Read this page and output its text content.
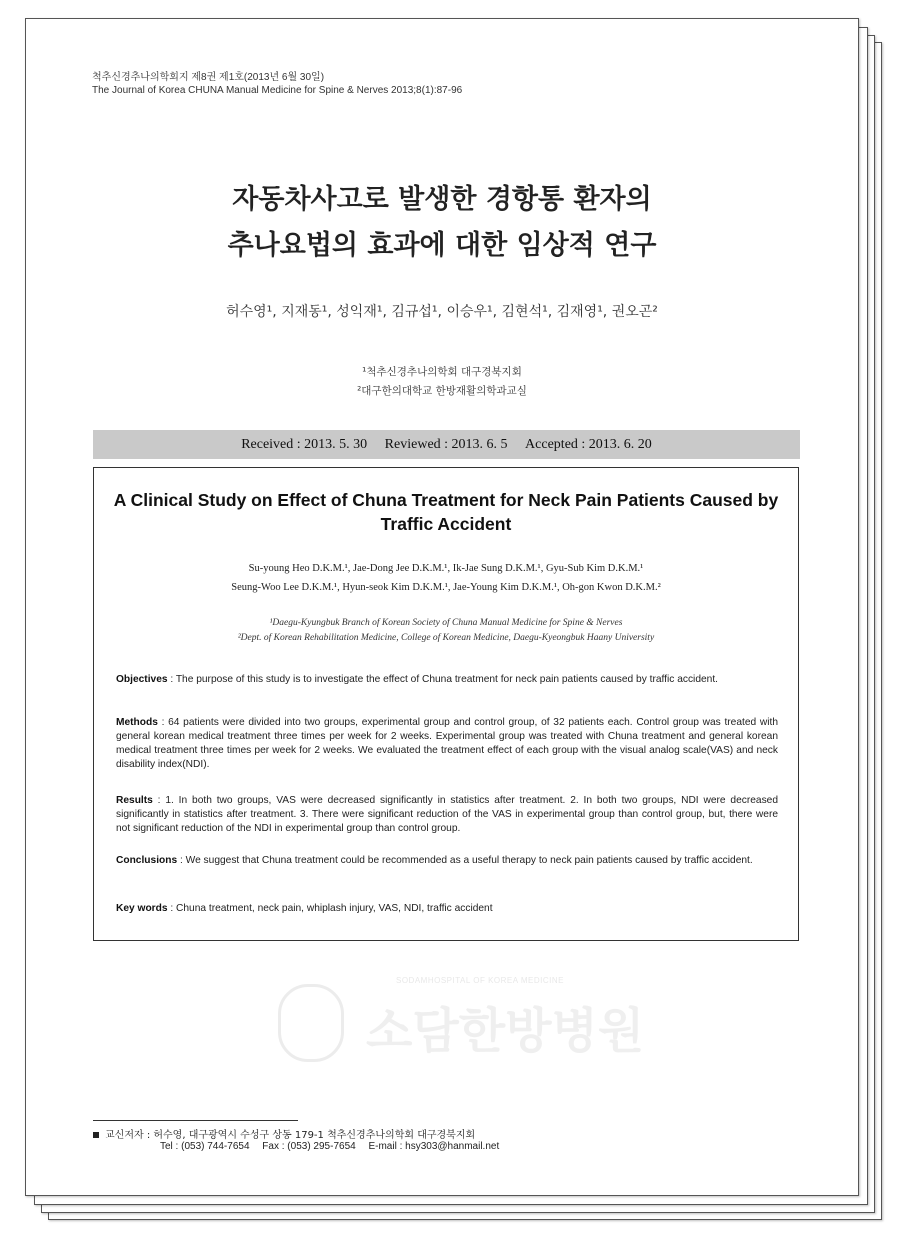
척추신경추나의학회지 제8권 제1호(2013년 6월 30일)
The Journal of Korea CHUNA Manual Medicine for Spine & Nerves 2013;8(1):87-96
자동차사고로 발생한 경항통 환자의
추나요법의 효과에 대한 임상적 연구
허수영¹, 지재동¹, 성익재¹, 김규섭¹, 이승우¹, 김현석¹, 김재영¹, 권오곤²
¹척추신경추나의학회 대구경북지회
²대구한의대학교 한방재활의학과교실
Received : 2013. 5. 30 Reviewed : 2013. 6. 5 Accepted : 2013. 6. 20
A Clinical Study on Effect of Chuna Treatment for Neck Pain Patients Caused by Traffic Accident
Su-young Heo D.K.M.¹, Jae-Dong Jee D.K.M.¹, Ik-Jae Sung D.K.M.¹, Gyu-Sub Kim D.K.M.¹
Seung-Woo Lee D.K.M.¹, Hyun-seok Kim D.K.M.¹, Jae-Young Kim D.K.M.¹, Oh-gon Kwon D.K.M.²
¹Daegu-Kyungbuk Branch of Korean Society of Chuna Manual Medicine for Spine & Nerves
²Dept. of Korean Rehabilitation Medicine, College of Korean Medicine, Daegu-Kyeongbuk Haany University
Objectives : The purpose of this study is to investigate the effect of Chuna treatment for neck pain patients caused by traffic accident.
Methods : 64 patients were divided into two groups, experimental group and control group, of 32 patients each. Control group was treated with general korean medical treatment three times per week for 2 weeks. Experimental group was treated with Chuna treatment and general korean medical treatment three times per week for 2 weeks. We evaluated the treatment effect of each group with the visual analog scale(VAS) and neck disability index(NDI).
Results : 1. In both two groups, VAS were decreased significantly in statistics after treatment. 2. In both two groups, NDI were decreased significantly in statistics after treatment. 3. There were significant reduction of the VAS in experimental group than control group, but, there were not significant reduction of the NDI in experimental group than control group.
Conclusions : We suggest that Chuna treatment could be recommended as a useful therapy to neck pain patients caused by traffic accident.
Key words : Chuna treatment, neck pain, whiplash injury, VAS, NDI, traffic accident
SODAMHOSPITAL OF KOREA MEDICINE
소담한방병원
교신저자 : 허수영, 대구광역시 수성구 상동 179-1 척추신경추나의학회 대구경북지회
Tel : (053) 744-7654 Fax : (053) 295-7654 E-mail : hsy303@hanmail.net
